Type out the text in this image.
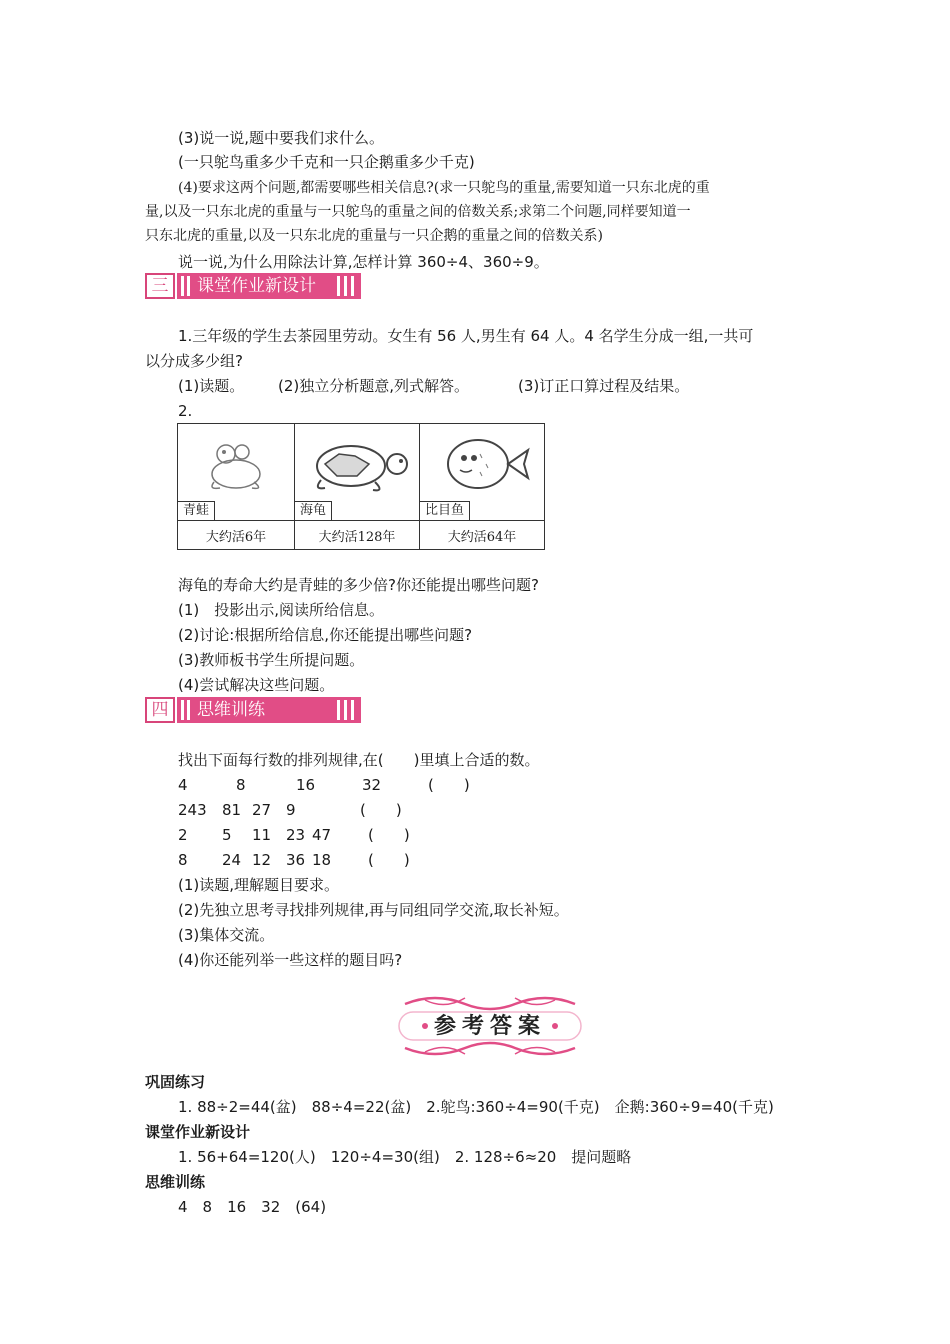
(3)说一说,题中要我们求什么。
(一只鸵鸟重多少千克和一只企鹅重多少千克)
(4)要求这两个问题,都需要哪些相关信息?(求一只鸵鸟的重量,需要知道一只东北虎的重
量,以及一只东北虎的重量与一只鸵鸟的重量之间的倍数关系;求第二个问题,同样要知道一
只东北虎的重量,以及一只东北虎的重量与一只企鹅的重量之间的倍数关系)
说一说,为什么用除法计算,怎样计算 360÷4、360÷9。
三	课堂作业新设计
1.三年级的学生去茶园里劳动。女生有 56 人,男生有 64 人。4 名学生分成一组,一共可
以分成多少组?
(1)读题。 (2)独立分析题意,列式解答。	(3)订正口算过程及结果。
2.
青蛙	海龟	比目鱼

大约活6年	大约活128年	大约活64年
海龟的寿命大约是青蛙的多少倍?你还能提出哪些问题?
(1)　投影出示,阅读所给信息。
(2)讨论:根据所给信息,你还能提出哪些问题?
(3)教师板书学生所提问题。
(4)尝试解决这些问题。
四	思维训练
找出下面每行数的排列规律,在(　　)里填上合适的数。
4	8	16	32	(　　)
243 81 27 9	(　　)
2 5 11 23 47 (　　)
8 24 12 36 18 (　　)
(1)读题,理解题目要求。
(2)先独立思考寻找排列规律,再与同组同学交流,取长补短。
(3)集体交流。
(4)你还能列举一些这样的题目吗?
参考答案
巩固练习
1. 88÷2=44(盆)　88÷4=22(盆)　2.鸵鸟:360÷4=90(千克)　企鹅:360÷9=40(千克)
课堂作业新设计
1. 56+64=120(人)　120÷4=30(组)　2. 128÷6≈20　提问题略
思维训练
4　8　16　32　(64)
